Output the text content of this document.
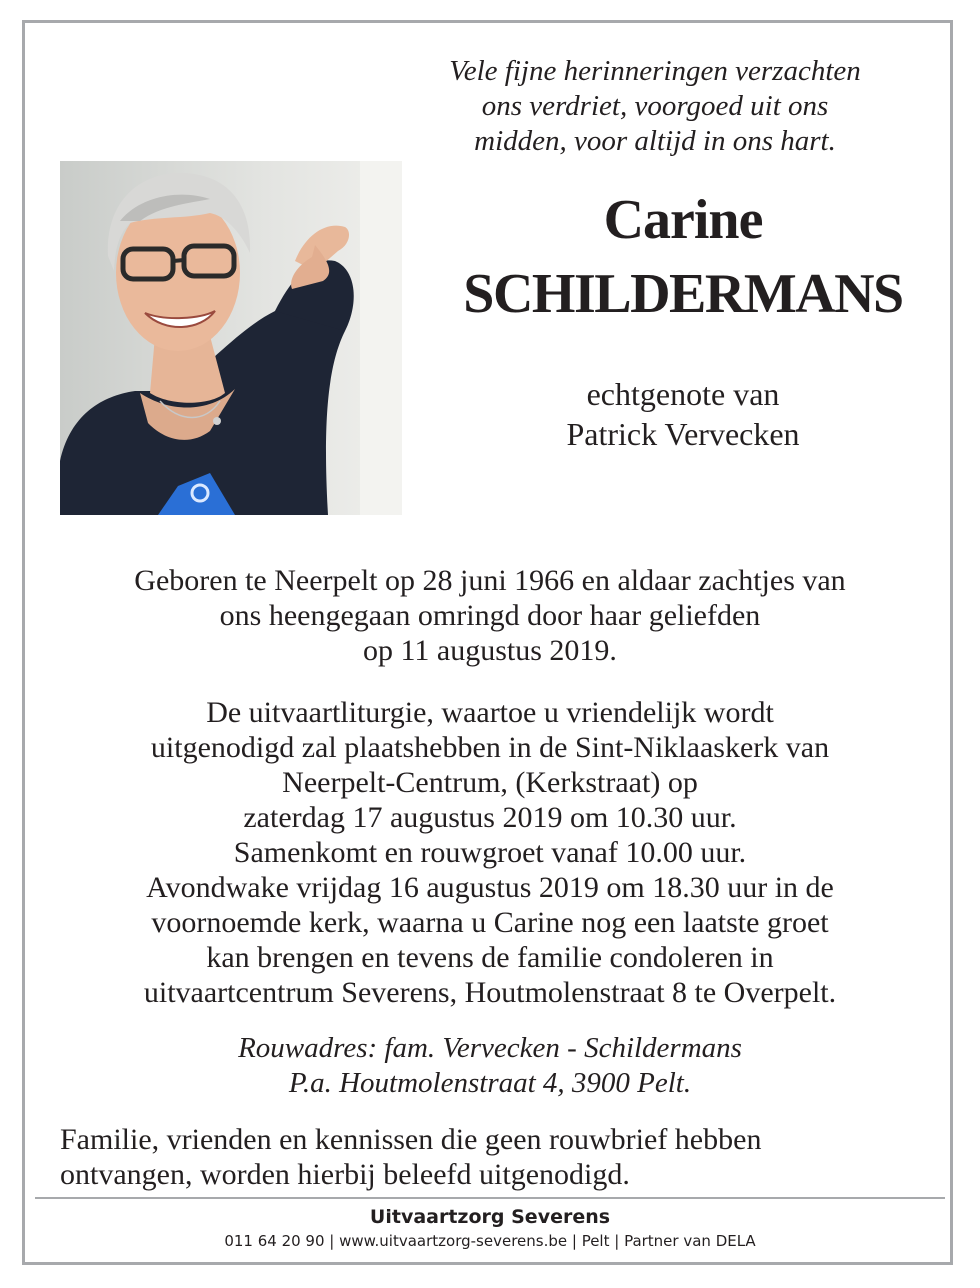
Vele fijne herinneringen verzachten
ons verdriet, voorgoed uit ons
midden, voor altijd in ons hart.
Carine
SCHILDERMANS
echtgenote van
Patrick Vervecken
Geboren te Neerpelt op 28 juni 1966 en aldaar zachtjes van
ons heengegaan omringd door haar geliefden
op 11 augustus 2019.
De uitvaartliturgie, waartoe u vriendelijk wordt
uitgenodigd zal plaatshebben in de Sint-Niklaaskerk van
Neerpelt-Centrum, (Kerkstraat) op
zaterdag 17 augustus 2019 om 10.30 uur.
Samenkomt en rouwgroet vanaf 10.00 uur.
Avondwake vrijdag 16 augustus 2019 om 18.30 uur in de
voornoemde kerk, waarna u Carine nog een laatste groet
kan brengen en tevens de familie condoleren in
uitvaartcentrum Severens, Houtmolenstraat 8 te Overpelt.
Rouwadres: fam. Vervecken - Schildermans
P.a. Houtmolenstraat 4, 3900 Pelt.
Familie, vrienden en kennissen die geen rouwbrief hebben
ontvangen, worden hierbij beleefd uitgenodigd.
Uitvaartzorg Severens
011 64 20 90 | www.uitvaartzorg-severens.be | Pelt | Partner van DELA
